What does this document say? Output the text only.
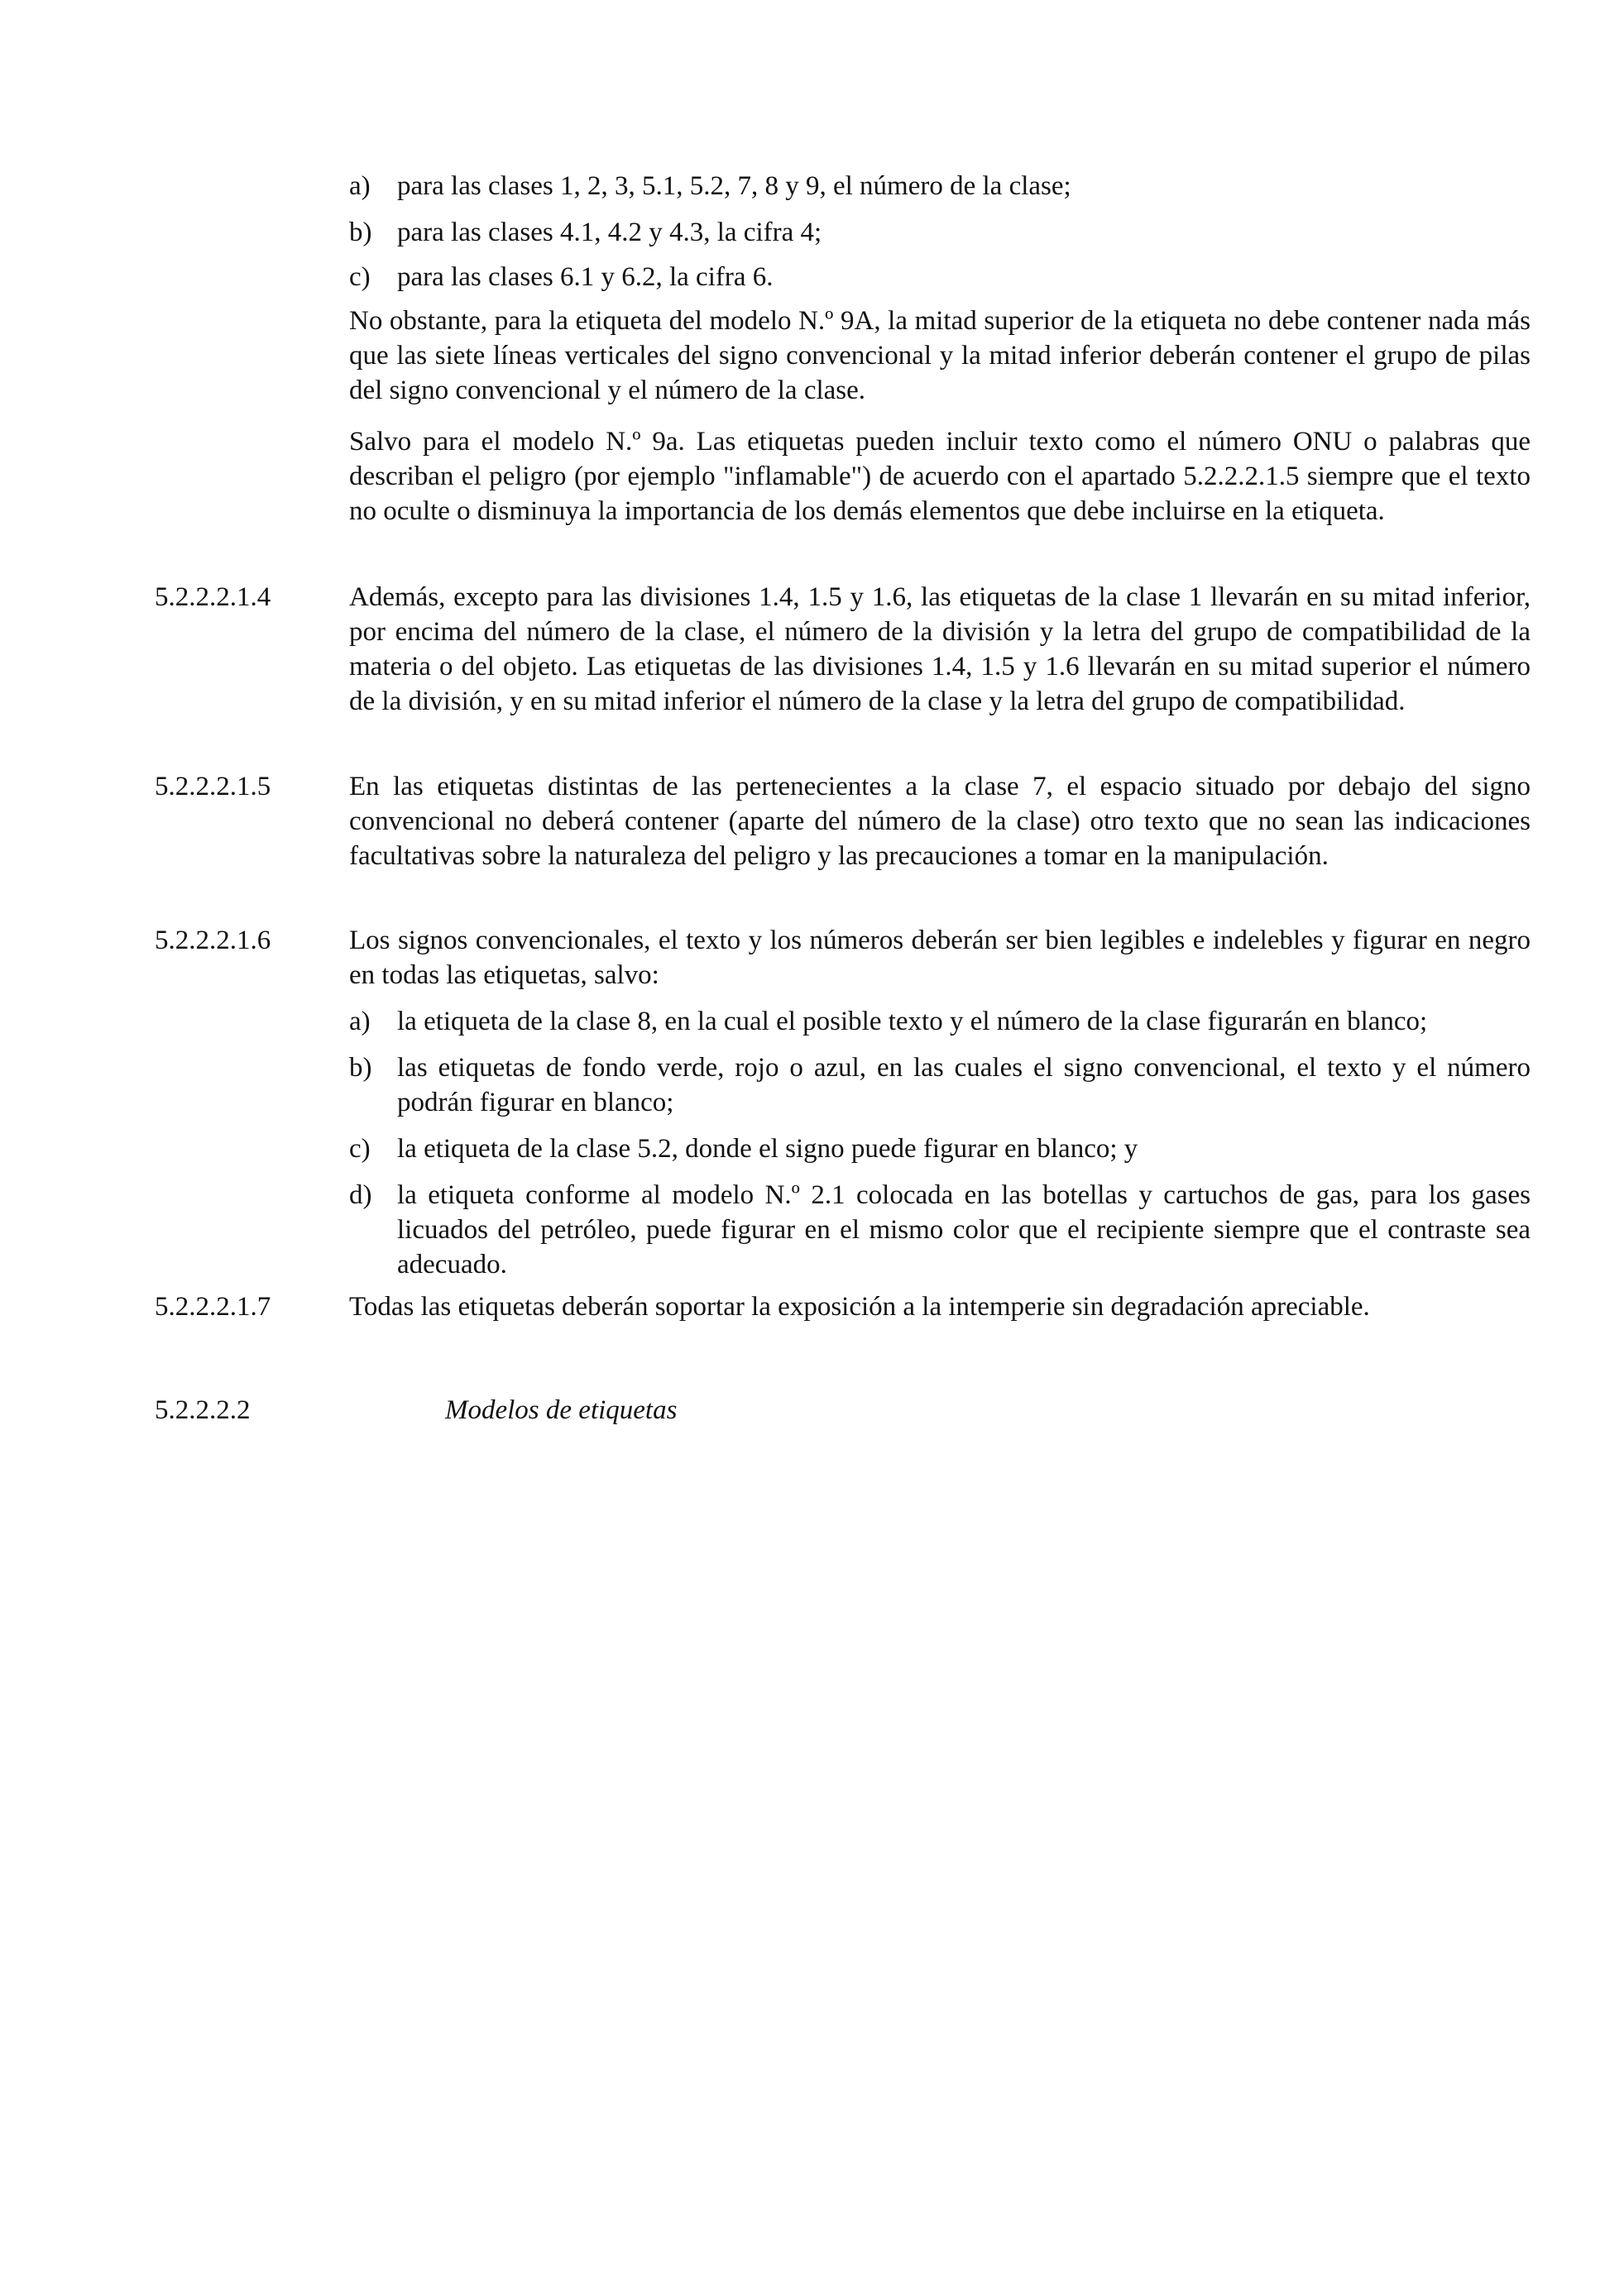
a) para las clases 1, 2, 3, 5.1, 5.2, 7, 8 y 9, el número de la clase;
b) para las clases 4.1, 4.2 y 4.3, la cifra 4;
c) para las clases 6.1 y 6.2, la cifra 6.
No obstante, para la etiqueta del modelo N.º 9A, la mitad superior de la etiqueta no debe contener nada más que las siete líneas verticales del signo convencional y la mitad inferior deberán contener el grupo de pilas del signo convencional y el número de la clase.
Salvo para el modelo N.º 9a. Las etiquetas pueden incluir texto como el número ONU o palabras que describan el peligro (por ejemplo "inflamable") de acuerdo con el apartado 5.2.2.2.1.5 siempre que el texto no oculte o disminuya la importancia de los demás elementos que debe incluirse en la etiqueta.
5.2.2.2.1.4	Además, excepto para las divisiones 1.4, 1.5 y 1.6, las etiquetas de la clase 1 llevarán en su mitad inferior, por encima del número de la clase, el número de la división y la letra del grupo de compatibilidad de la materia o del objeto. Las etiquetas de las divisiones 1.4, 1.5 y 1.6 llevarán en su mitad superior el número de la división, y en su mitad inferior el número de la clase y la letra del grupo de compatibilidad.
5.2.2.2.1.5	En las etiquetas distintas de las pertenecientes a la clase 7, el espacio situado por debajo del signo convencional no deberá contener (aparte del número de la clase) otro texto que no sean las indicaciones facultativas sobre la naturaleza del peligro y las precauciones a tomar en la manipulación.
5.2.2.2.1.6	Los signos convencionales, el texto y los números deberán ser bien legibles e indelebles y figurar en negro en todas las etiquetas, salvo:
a) la etiqueta de la clase 8, en la cual el posible texto y el número de la clase figurarán en blanco;
b) las etiquetas de fondo verde, rojo o azul, en las cuales el signo convencional, el texto y el número podrán figurar en blanco;
c) la etiqueta de la clase 5.2, donde el signo puede figurar en blanco; y
d) la etiqueta conforme al modelo N.º 2.1 colocada en las botellas y cartuchos de gas, para los gases licuados del petróleo, puede figurar en el mismo color que el recipiente siempre que el contraste sea adecuado.
5.2.2.2.1.7	Todas las etiquetas deberán soportar la exposición a la intemperie sin degradación apreciable.
5.2.2.2.2	Modelos de etiquetas
